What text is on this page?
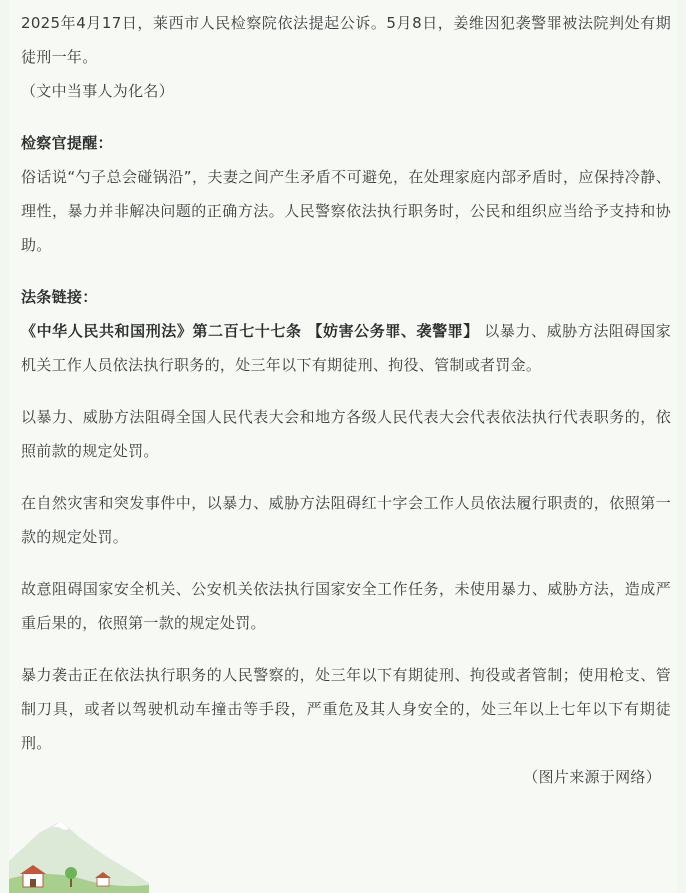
2025年4月17日，莱西市人民检察院依法提起公诉。5月8日，姜维因犯袭警罪被法院判处有期徒刑一年。

（文中当事人为化名）

检察官提醒：

俗话说“勺子总会碰锅沿”，夫妻之间产生矛盾不可避免，在处理家庭内部矛盾时，应保持冷静、理性，暴力并非解决问题的正确方法。人民警察依法执行职务时，公民和组织应当给予支持和协助。

法条链接：

《中华人民共和国刑法》第二百七十七条 【妨害公务罪、袭警罪】 以暴力、威胁方法阻碍国家机关工作人员依法执行职务的，处三年以下有期徒刑、拘役、管制或者罚金。

以暴力、威胁方法阻碍全国人民代表大会和地方各级人民代表大会代表依法执行代表职务的，依照前款的规定处罚。

在自然灾害和突发事件中，以暴力、威胁方法阻碍红十字会工作人员依法履行职责的，依照第一款的规定处罚。

故意阻碍国家安全机关、公安机关依法执行国家安全工作任务，未使用暴力、威胁方法，造成严重后果的，依照第一款的规定处罚。

暴力袭击正在依法执行职务的人民警察的，处三年以下有期徒刑、拘役或者管制；使用枪支、管制刀具，或者以驾驶机动车撞击等手段，严重危及其人身安全的，处三年以上七年以下有期徒刑。

（图片来源于网络）
